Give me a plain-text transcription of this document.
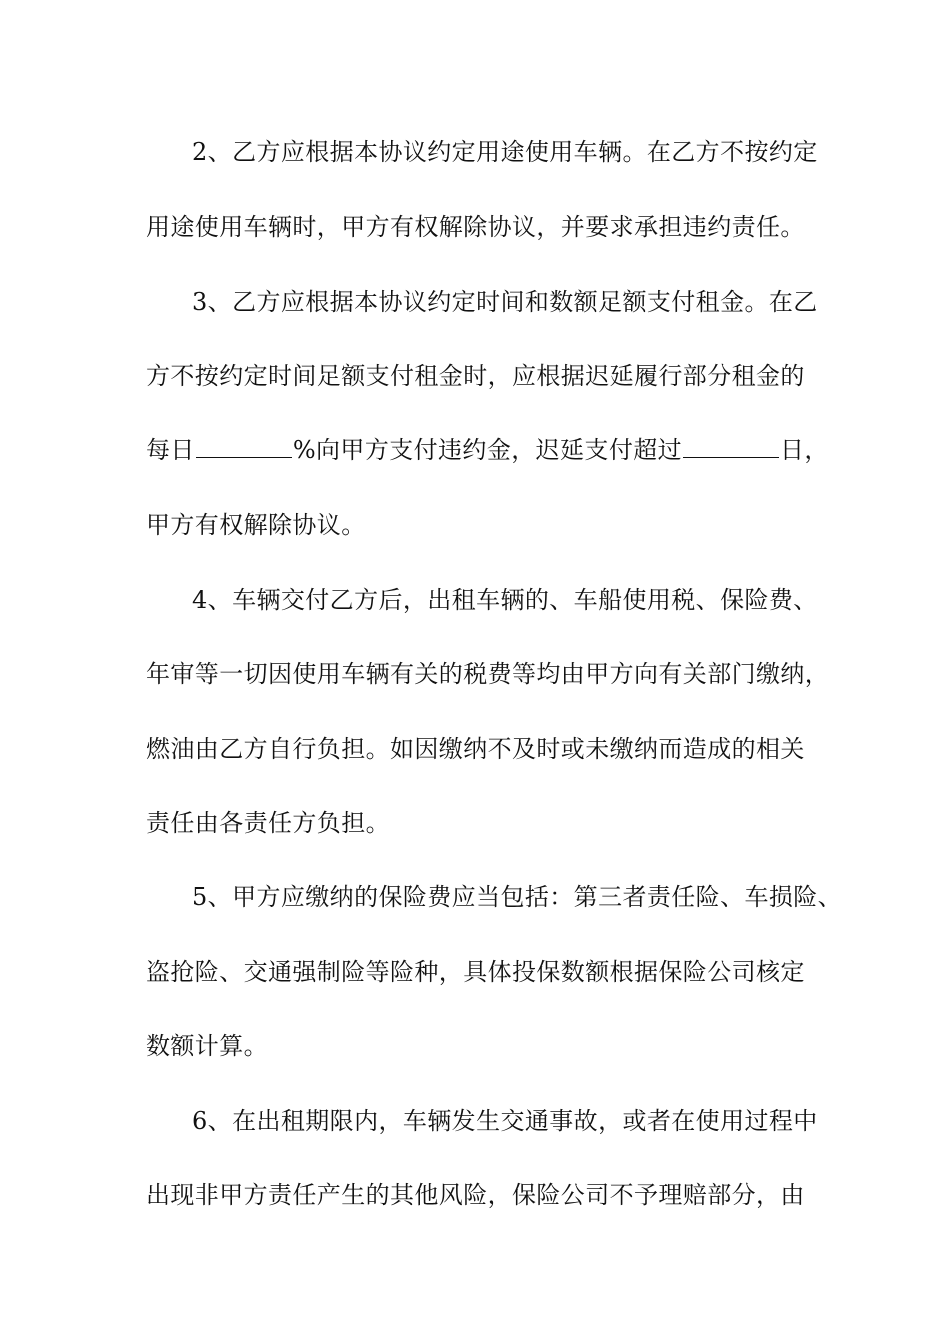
2、乙方应根据本协议约定用途使用车辆。在乙方不按约定
用途使用车辆时，甲方有权解除协议，并要求承担违约责任。
3、乙方应根据本协议约定时间和数额足额支付租金。在乙
方不按约定时间足额支付租金时，应根据迟延履行部分租金的
每日	%向甲方支付违约金，迟延支付超过	日，
甲方有权解除协议。
4、车辆交付乙方后，出租车辆的、车船使用税、保险费、
年审等一切因使用车辆有关的税费等均由甲方向有关部门缴纳，
燃油由乙方自行负担。如因缴纳不及时或未缴纳而造成的相关
责任由各责任方负担。
5、甲方应缴纳的保险费应当包括：第三者责任险、车损险、
盗抢险、交通强制险等险种，具体投保数额根据保险公司核定
数额计算。
6、在出租期限内，车辆发生交通事故，或者在使用过程中
出现非甲方责任产生的其他风险，保险公司不予理赔部分，由
